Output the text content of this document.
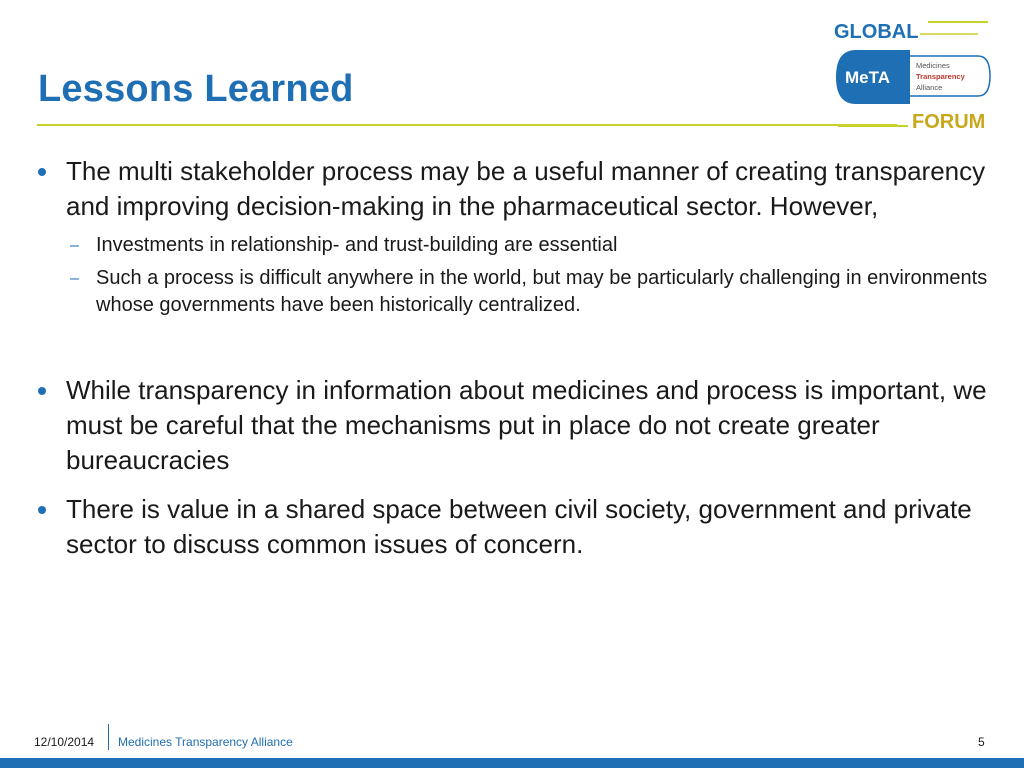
Lessons Learned
GLOBAL
MeTA
Medicines
Transparency
Alliance
FORUM
The multi stakeholder process may be a useful manner of creating transparency and improving decision-making in the pharmaceutical sector. However,
– Investments in relationship- and trust-building are essential
– Such a process is difficult anywhere in the world, but may be particularly challenging in environments whose governments have been historically centralized.
While transparency in information about medicines and process is important, we must be careful that the mechanisms put in place do not create greater bureaucracies
There is value in a shared space between civil society, government and private sector to discuss common issues of concern.
12/10/2014 Medicines Transparency Alliance	5
